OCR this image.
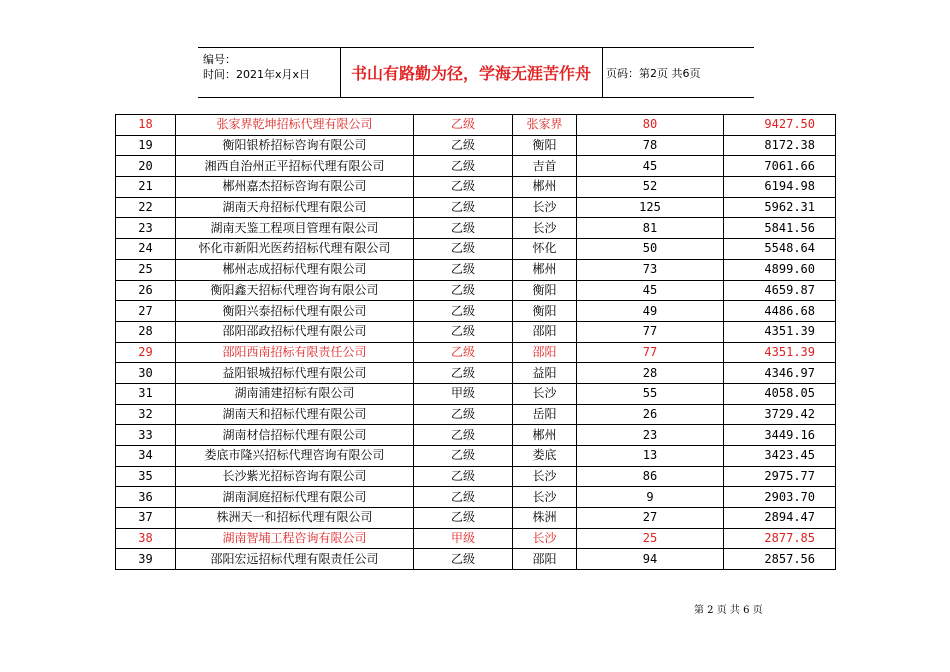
编号：
时间：2021年x月x日	书山有路勤为径，学海无涯苦作舟	页码：第2页 共6页
18	张家界乾坤招标代理有限公司	乙级	张家界	80	9427.50
19	衡阳银桥招标咨询有限公司	乙级	衡阳	78	8172.38
20	湘西自治州正平招标代理有限公司	乙级	吉首	45	7061.66
21	郴州嘉杰招标咨询有限公司	乙级	郴州	52	6194.98
22	湖南天舟招标代理有限公司	乙级	长沙	125	5962.31
23	湖南天鉴工程项目管理有限公司	乙级	长沙	81	5841.56
24	怀化市新阳光医药招标代理有限公司	乙级	怀化	50	5548.64
25	郴州志成招标代理有限公司	乙级	郴州	73	4899.60
26	衡阳鑫天招标代理咨询有限公司	乙级	衡阳	45	4659.87
27	衡阳兴泰招标代理有限公司	乙级	衡阳	49	4486.68
28	邵阳邵政招标代理有限公司	乙级	邵阳	77	4351.39
29	邵阳西南招标有限责任公司	乙级	邵阳	77	4351.39
30	益阳银城招标代理有限公司	乙级	益阳	28	4346.97
31	湖南浦建招标有限公司	甲级	长沙	55	4058.05
32	湖南天和招标代理有限公司	乙级	岳阳	26	3729.42
33	湖南材信招标代理有限公司	乙级	郴州	23	3449.16
34	娄底市隆兴招标代理咨询有限公司	乙级	娄底	13	3423.45
35	长沙紫光招标咨询有限公司	乙级	长沙	86	2975.77
36	湖南洞庭招标代理有限公司	乙级	长沙	9	2903.70
37	株洲天一和招标代理有限公司	乙级	株洲	27	2894.47
38	湖南智埔工程咨询有限公司	甲级	长沙	25	2877.85
39	邵阳宏远招标代理有限责任公司	乙级	邵阳	94	2857.56
第 2 页 共 6 页
